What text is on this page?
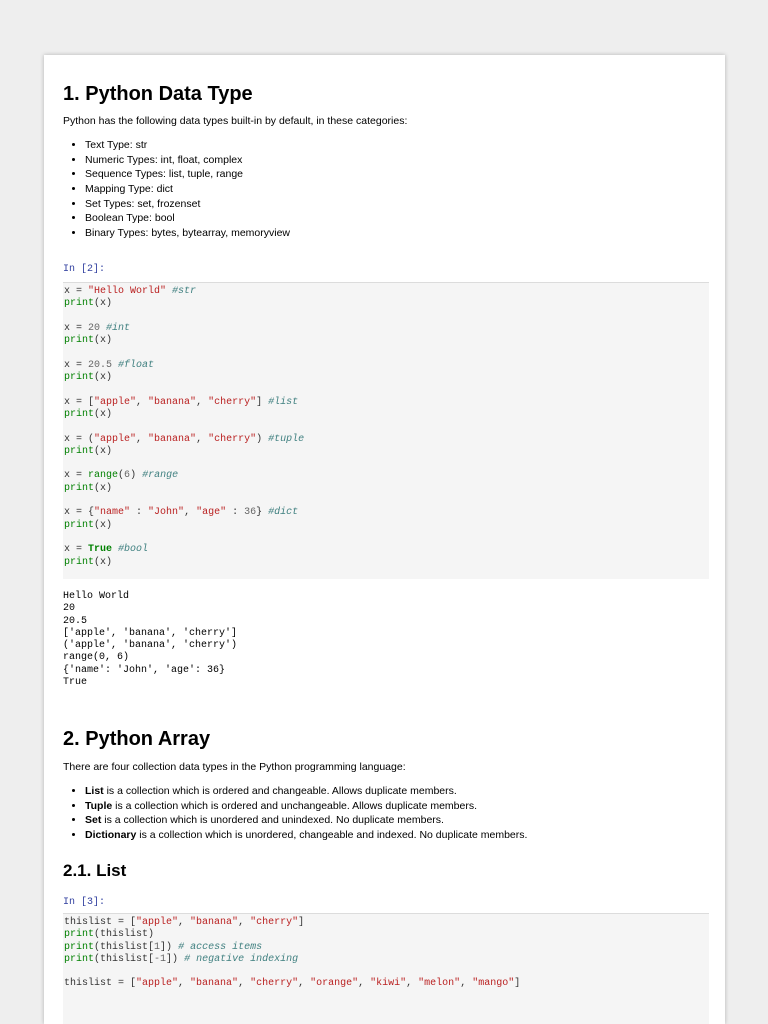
1. Python Data Type

Python has the following data types built-in by default, in these categories:

• Text Type: str
• Numeric Types: int, float, complex
• Sequence Types: list, tuple, range
• Mapping Type: dict
• Set Types: set, frozenset
• Boolean Type: bool
• Binary Types: bytes, bytearray, memoryview
In [2]:
x = "Hello World" #str
print(x)
x = 20 #int
print(x)
x = 20.5 #float
print(x)
x = ["apple", "banana", "cherry"] #list
print(x)
x = ("apple", "banana", "cherry") #tuple
print(x)
x = range(6) #range
print(x)
x = {"name" : "John", "age" : 36} #dict
print(x)
x = True #bool
print(x)
Hello World
20
20.5
['apple', 'banana', 'cherry']
('apple', 'banana', 'cherry')
range(0, 6)
{'name': 'John', 'age': 36}
True
2. Python Array

There are four collection data types in the Python programming language:

• List is a collection which is ordered and changeable. Allows duplicate members.
• Tuple is a collection which is ordered and unchangeable. Allows duplicate members.
• Set is a collection which is unordered and unindexed. No duplicate members.
• Dictionary is a collection which is unordered, changeable and indexed. No duplicate members.
2.1. List
In [3]:
thislist = ["apple", "banana", "cherry"]
print(thislist)
print(thislist[1]) # access items
print(thislist[-1]) # negative indexing
thislist = ["apple", "banana", "cherry", "orange", "kiwi", "melon", "mango"]
